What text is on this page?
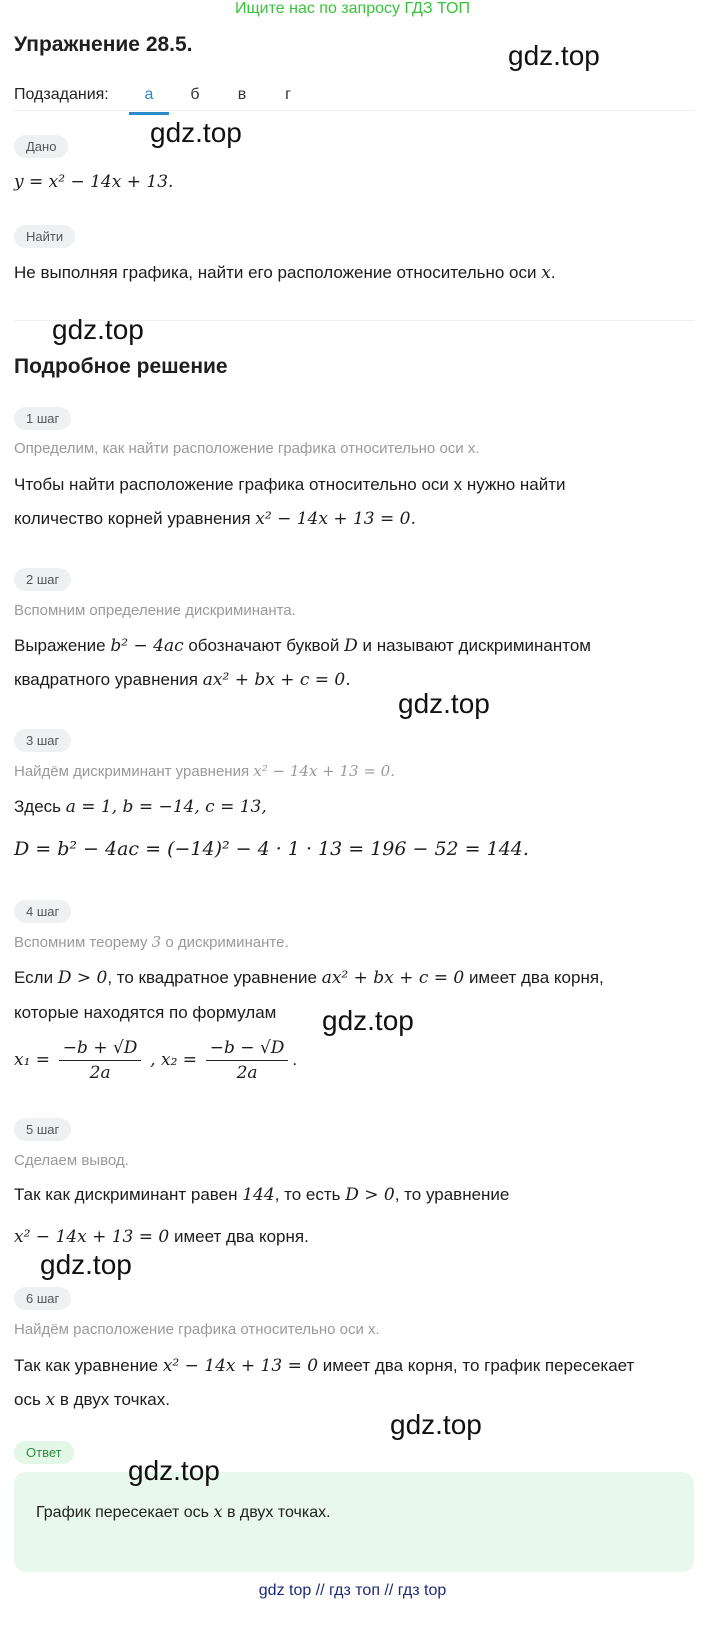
Ищите нас по запросу ГДЗ ТОП
Упражнение 28.5.	gdz.top
Подзадания:	а	б	в	г
gdz.top
Дано
y = x² − 14x + 13.
Найти
Не выполняя графика, найти его расположение относительно оси x.
gdz.top
Подробное решение
1 шаг
Определим, как найти расположение графика относительно оси x.
Чтобы найти расположение графика относительно оси x нужно найти
количество корней уравнения x² − 14x + 13 = 0.
2 шаг
Вспомним определение дискриминанта.
Выражение b² − 4ac обозначают буквой D и называют дискриминантом
квадратного уравнения ax² + bx + c = 0.
gdz.top
3 шаг
Найдём дискриминант уравнения x² − 14x + 13 = 0.
Здесь a = 1, b = −14, c = 13,
D = b² − 4ac = (−14)² − 4 · 1 · 13 = 196 − 52 = 144.
4 шаг
Вспомним теорему 3 о дискриминанте.
Если D > 0, то квадратное уравнение ax² + bx + c = 0 имеет два корня,
которые находятся по формулам	gdz.top
$x_1 = \frac{-b + √D}{2a}$ , $x_2 = \frac{-b - √D}{2a}$ .
5 шаг
Сделаем вывод.
Так как дискриминант равен 144, то есть D > 0, то уравнение
x² − 14x + 13 = 0 имеет два корня.
gdz.top
6 шаг
Найдём расположение графика относительно оси x.
Так как уравнение x² − 14x + 13 = 0 имеет два корня, то график пересекает
ось x в двух точках.
gdz.top
Ответ
График пересекает ось x в двух точках.
gdz.top
gdz top // гдз топ // гдз top
